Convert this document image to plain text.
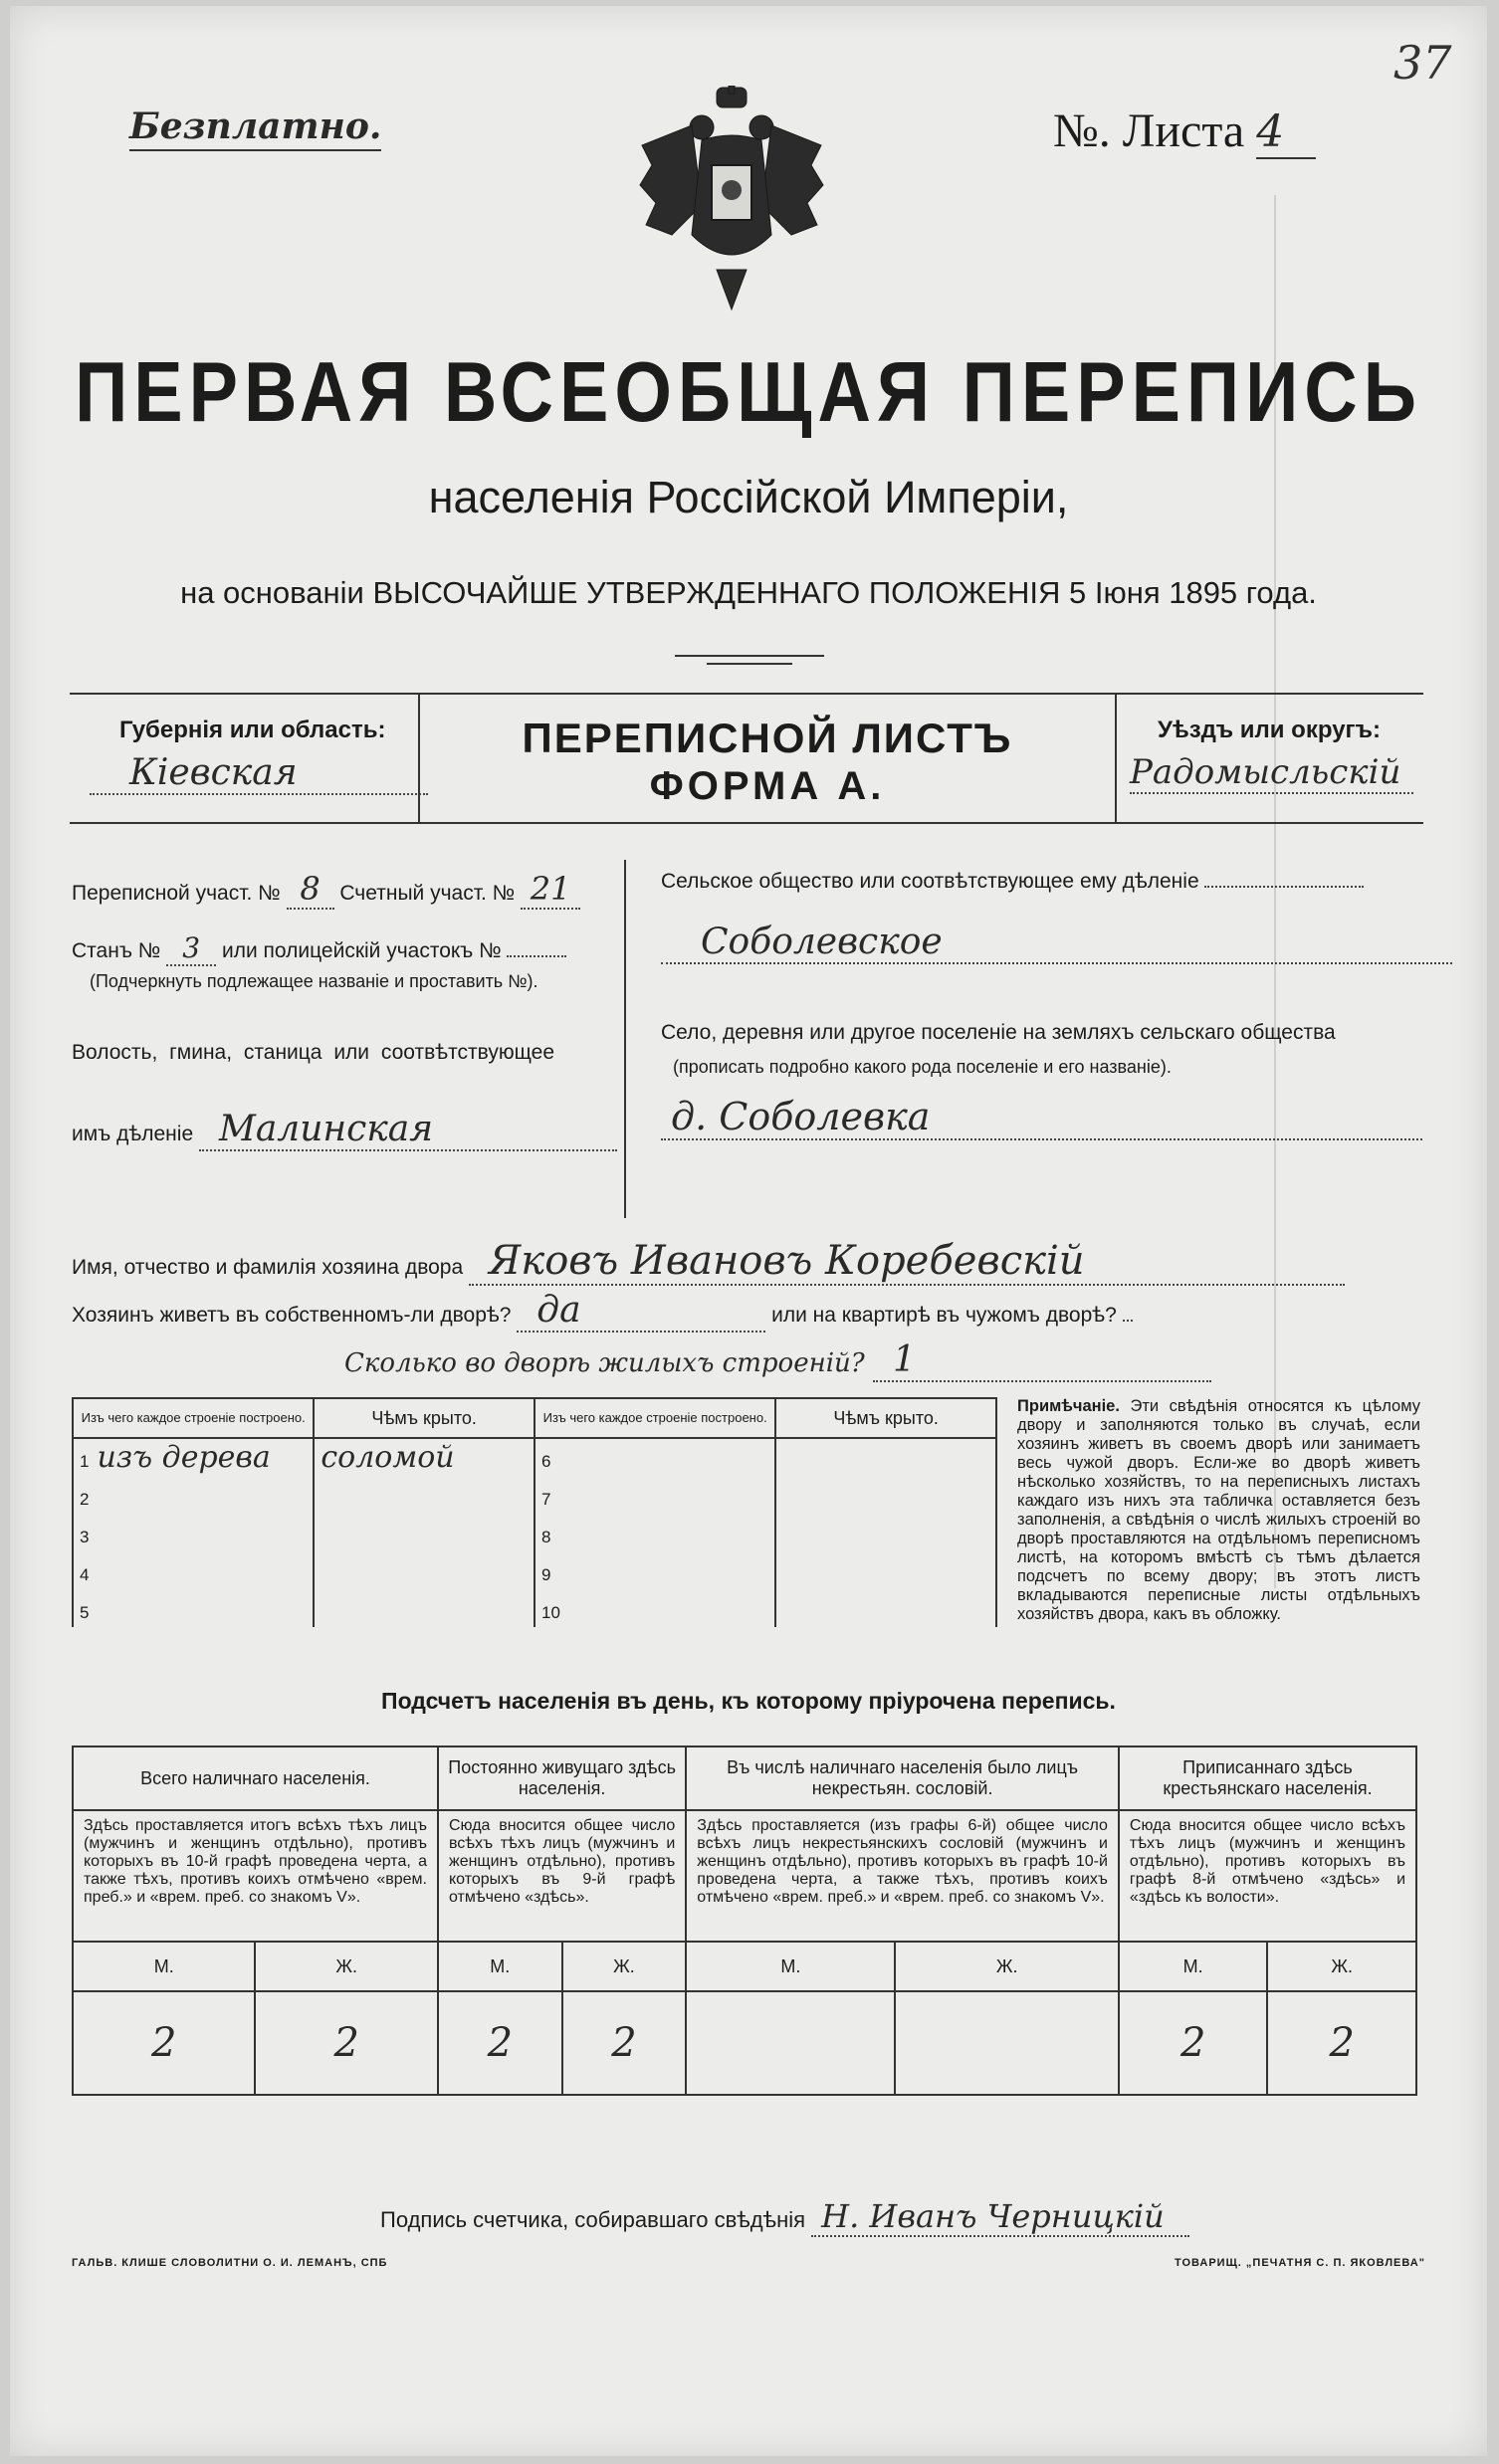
Безплатно.	№. Листа 4
37
ПЕРВАЯ ВСЕОБЩАЯ ПЕРЕПИСЬ
населенія Россійской Имперіи,
на основаніи ВЫСОЧАЙШЕ УТВЕРЖДЕННАГО ПОЛОЖЕНІЯ 5 Іюня 1895 года.
Губернія или область:
Кіевская
ПЕРЕПИСНОЙ ЛИСТЪ
ФОРМА А.
Уѣздъ или округъ:
Радомысльскій
Переписной участ. № 8 Счетный участ. № 21
Станъ № 3 или полицейскій участокъ №
(Подчеркнуть подлежащее названіе и проставить №).
Волость, гмина, станица или соотвѣтствующее
имъ дѣленіе Малинская
Сельское общество или соотвѣтствующее ему дѣленіе
Соболевское
Село, деревня или другое поселеніе на земляхъ сельскаго общества
(прописать подробно какого рода поселеніе и его названіе).
д. Соболевка
Имя, отчество и фамилія хозяина двора Яковъ Ивановъ Коребевскій
Хозяинъ живетъ въ собственномъ-ли дворѣ? да	или на квартирѣ въ чужомъ дворѣ?
Сколько во дворѣ жилыхъ строеній? 1
Изъ чего каждое строеніе построено.	Чѣмъ крыто.	Изъ чего каждое строеніе построено.	Чѣмъ крыто.
1 изъ дерева	соломой	6	
2		7	
3		8	
4		9	
5		10	
Примѣчаніе. Эти свѣдѣнія относятся къ цѣлому двору и заполняются только въ случаѣ, если хозяинъ живетъ въ своемъ дворѣ или занимаетъ весь чужой дворъ. Если-же во дворѣ живетъ нѣсколько хозяйствъ, то на переписныхъ листахъ каждаго изъ нихъ эта табличка оставляется безъ заполненія, а свѣдѣнія о числѣ жилыхъ строеній во дворѣ проставляются на отдѣльномъ переписномъ листѣ, на которомъ вмѣстѣ съ тѣмъ дѣлается подсчетъ по всему двору; въ этотъ листъ вкладываются переписные листы отдѣльныхъ хозяйствъ двора, какъ въ обложку.
Подсчетъ населенія въ день, къ которому пріурочена перепись.
Всего наличнаго населенія.		Постоянно живущаго здѣсь населенія.		Въ числѣ наличнаго населенія было лицъ некрестьян. сословій.		Приписаннаго здѣсь крестьянскаго населенія.	
Здѣсь проставляется итогъ всѣхъ тѣхъ лицъ (мужчинъ и женщинъ отдѣльно), противъ которыхъ въ 10-й графѣ проведена черта, а также тѣхъ, противъ коихъ отмѣчено «врем. преб.» и «врем. преб. со знакомъ V».		Сюда вносится общее число всѣхъ тѣхъ лицъ (мужчинъ и женщинъ отдѣльно), противъ которыхъ въ 9-й графѣ отмѣчено «здѣсь».		Здѣсь проставляется (изъ графы 6-й) общее число всѣхъ лицъ некрестьянскихъ сословій (мужчинъ и женщинъ отдѣльно), противъ которыхъ въ графѣ 10-й проведена черта, а также тѣхъ, противъ коихъ отмѣчено «врем. преб.» и «врем. преб. со знакомъ V».		Сюда вносится общее число всѣхъ тѣхъ лицъ (мужчинъ и женщинъ отдѣльно), противъ которыхъ въ графѣ 8-й отмѣчено «здѣсь» и «здѣсь къ волости».	
М.	Ж.	М.	Ж.	М.	Ж.	М.	Ж.
2	2	2	2			2	2
Подпись счетчика, собиравшаго свѣдѣнія Н. Иванъ Черницкій
ГАЛЬВ. КЛИШЕ СЛОВОЛИТНИ О. И. ЛЕМАНЪ, СПБ	ТОВАРИЩ. „ПЕЧАТНЯ С. П. ЯКОВЛЕВА"
